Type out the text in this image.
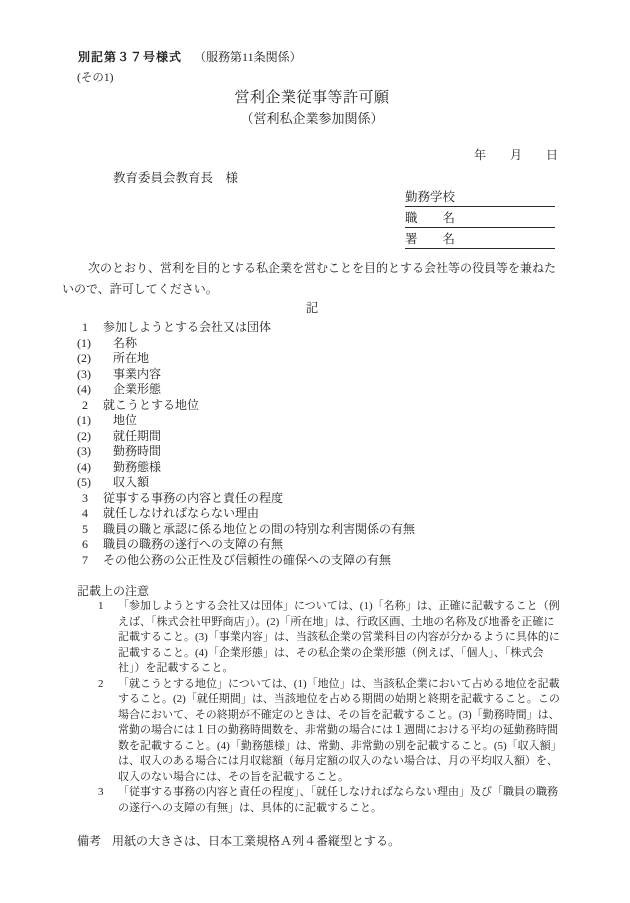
別記第３７号様式 （服務第11条関係）
(その1)
営利企業従事等許可願
（営利私企業参加関係）
年　　月　　日
教育委員会教育長　様
勤務学校
職　　名
署　　名
次のとおり、営利を目的とする私企業を営むことを目的とする会社等の役員等を兼ねたいので、許可してください。
記
1 参加しようとする会社又は団体
(1) 名称
(2) 所在地
(3) 事業内容
(4) 企業形態
2 就こうとする地位
(1) 地位
(2) 就任期間
(3) 勤務時間
(4) 勤務態様
(5) 収入額
3 従事する事務の内容と責任の程度
4 就任しなければならない理由
5 職員の職と承認に係る地位との間の特別な利害関係の有無
6 職員の職務の遂行への支障の有無
7 その他公務の公正性及び信頼性の確保への支障の有無
記載上の注意
1 「参加しようとする会社又は団体」については、(1)「名称」は、正確に記載すること（例えば、「株式会社甲野商店」）。(2)「所在地」は、行政区画、土地の名称及び地番を正確に記載すること。(3)「事業内容」は、当該私企業の営業科目の内容が分かるように具体的に記載すること。(4)「企業形態」は、その私企業の企業形態（例えば、「個人」、「株式会社」）を記載すること。
2 「就こうとする地位」については、(1)「地位」は、当該私企業において占める地位を記載すること。(2)「就任期間」は、当該地位を占める期間の始期と終期を記載すること。この場合において、その終期が不確定のときは、その旨を記載すること。(3)「勤務時間」は、常勤の場合には１日の勤務時間数を、非常勤の場合には１週間における平均の延勤務時間数を記載すること。(4)「勤務態様」は、常勤、非常勤の別を記載すること。(5)「収入額」は、収入のある場合には月収総額（毎月定額の収入のない場合は、月の平均収入額）を、収入のない場合には、その旨を記載すること。
3 「従事する事務の内容と責任の程度」、「就任しなければならない理由」及び「職員の職務の遂行への支障の有無」は、具体的に記載すること。
備考 用紙の大きさは、日本工業規格Ａ列４番縦型とする。
